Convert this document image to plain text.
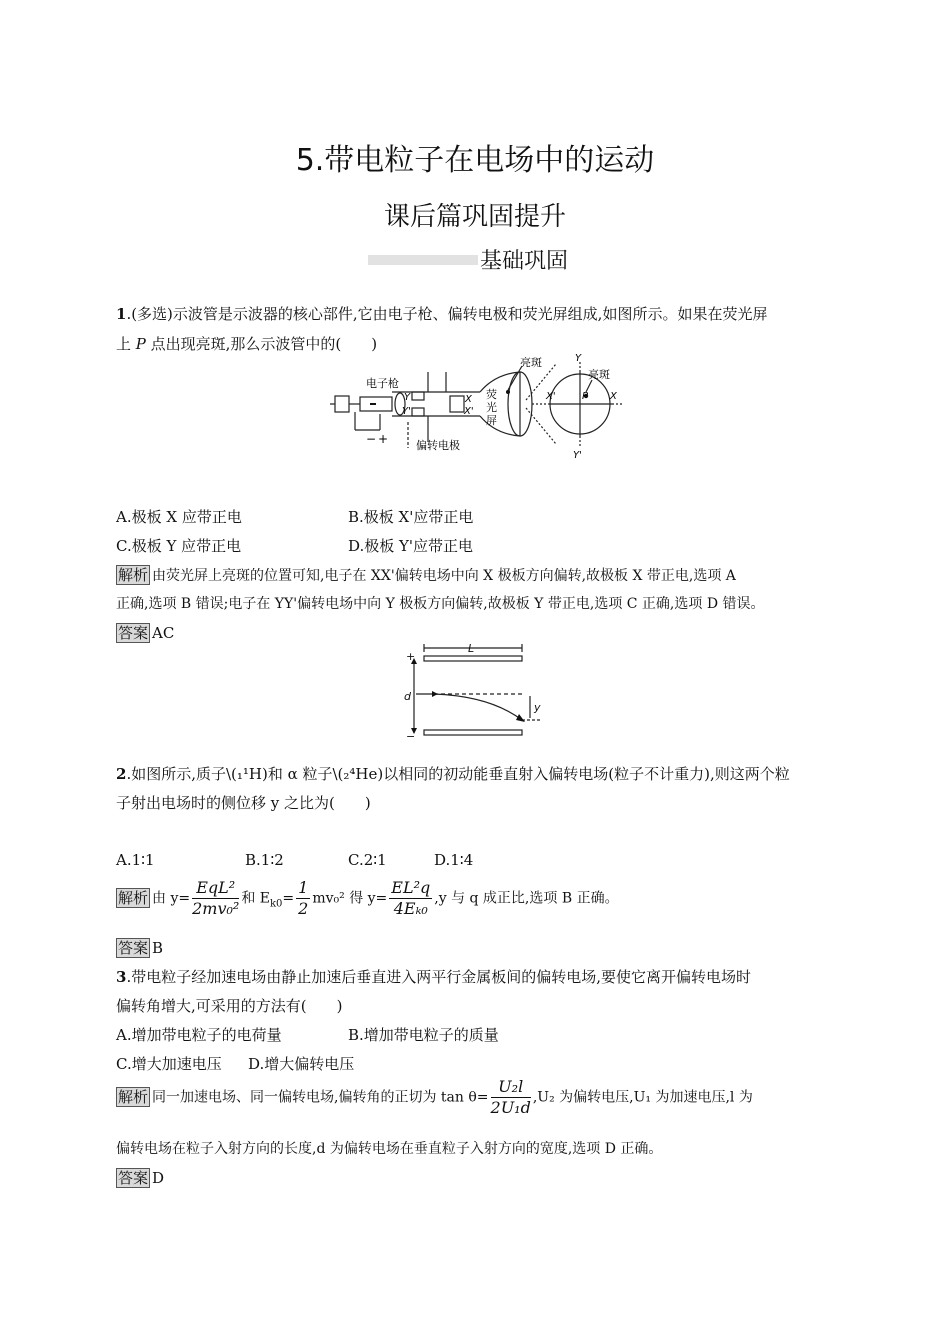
5.带电粒子在电场中的运动
课后篇巩固提升
基础巩固
1.(多选)示波管是示波器的核心部件,它由电子枪、偏转电极和荧光屏组成,如图所示。如果在荧光屏
上 P 点出现亮斑,那么示波管中的(　　)
电子枪
偏转电极
荧
光
屏
亮斑
亮斑
X
X'
Y
Y'
Y
Y'
X'	X
P
− +
A.极板 X 应带正电	B.极板 X'应带正电
C.极板 Y 应带正电	D.极板 Y'应带正电
解析 由荧光屏上亮斑的位置可知,电子在 XX'偏转电场中向 X 极板方向偏转,故极板 X 带正电,选项 A
正确,选项 B 错误;电子在 YY'偏转电场中向 Y 极板方向偏转,故极板 Y 带正电,选项 C 正确,选项 D 错误。
答案 AC
L
d
y
+
−
2.如图所示,质子\(₁¹H)和 α 粒子\(₂⁴He)以相同的初动能垂直射入偏转电场(粒子不计重力),则这两个粒
子射出电场时的侧位移 y 之比为(　　)
A.1∶1	B.1∶2	C.2∶1	D.1∶4
解析 由 $y= \frac{\text{EqL²}}{\text{2mv₀²}}$ 和 $E_{k0}= \frac{1}{2} mv_0^2$ 得 $y= \frac{\text{EL²q}}{\text{4Eₖ₀}} ,y$ 与 q 成正比,选项 B 正确。
答案 B
3.带电粒子经加速电场由静止加速后垂直进入两平行金属板间的偏转电场,要使它离开偏转电场时
偏转角增大,可采用的方法有(　　)
A.增加带电粒子的电荷量	B.增加带电粒子的质量
C.增大加速电压 D.增大偏转电压
解析 同一加速电场、同一偏转电场,偏转角的正切为 $\tan \theta= \frac{\text{U₂l}}{\text{2U₁d}} ,U_2$ 为偏转电压,U₁ 为加速电压,l 为
偏转电场在粒子入射方向的长度,d 为偏转电场在垂直粒子入射方向的宽度,选项 D 正确。
答案 D
